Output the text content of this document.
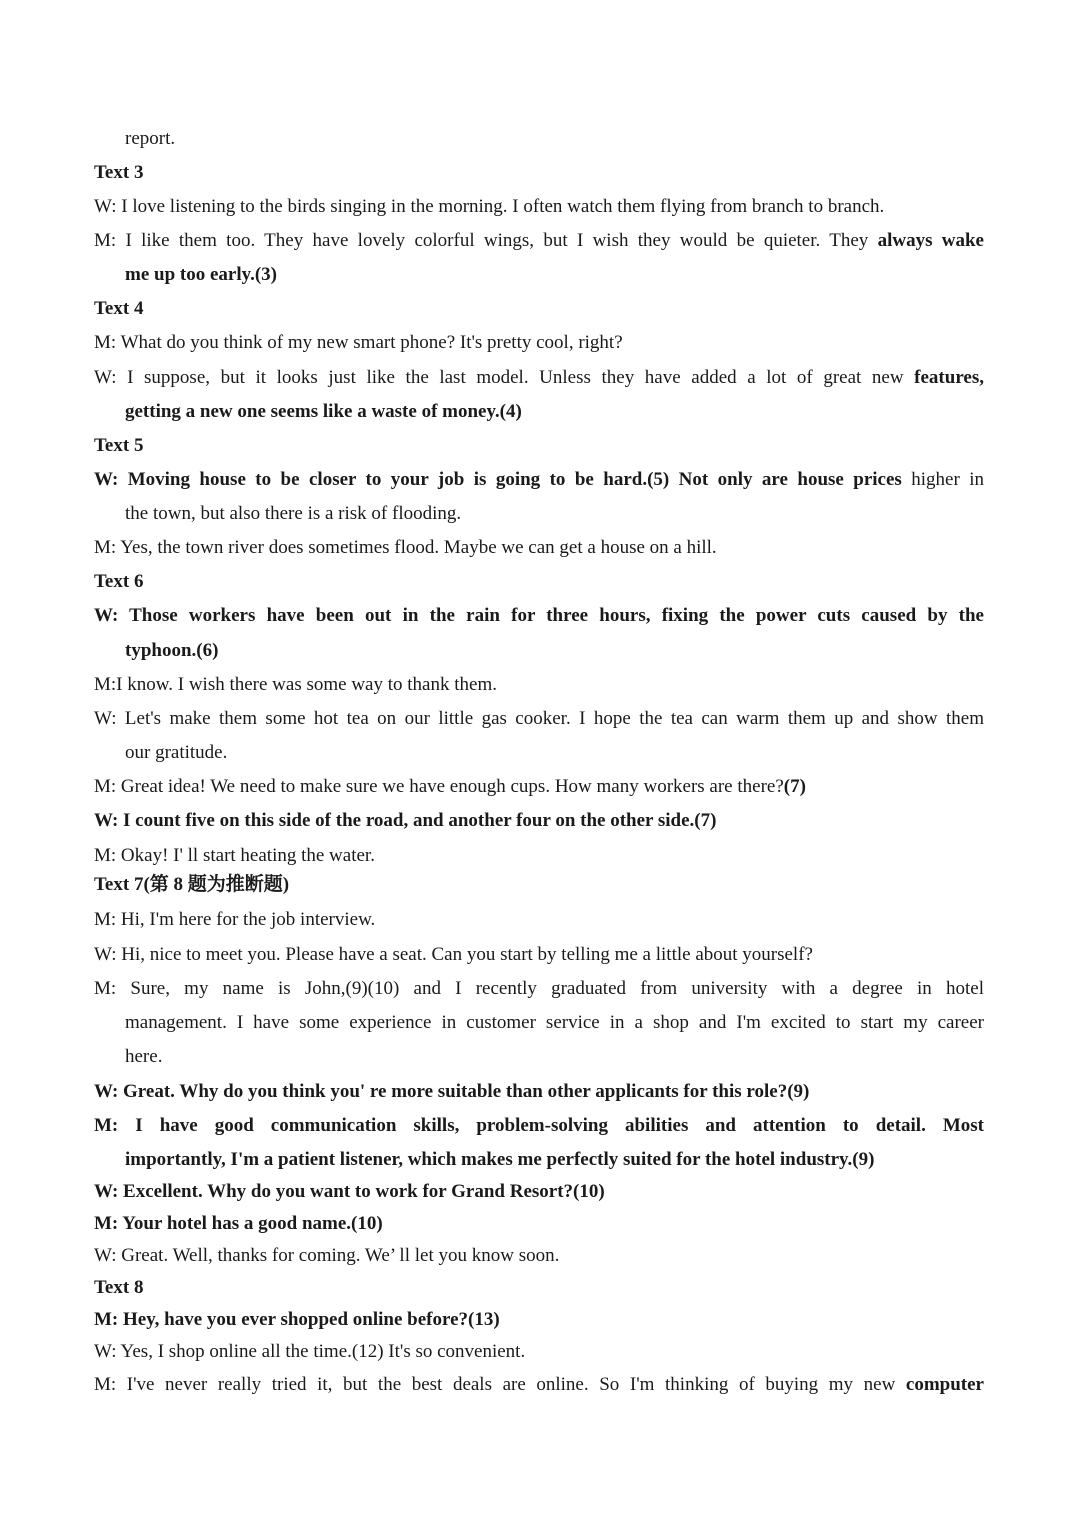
report.
Text 3
W: I love listening to the birds singing in the morning. I often watch them flying from branch to branch.
M: I like them too. They have lovely colorful wings, but I wish they would be quieter. They always wake
me up too early.(3)
Text 4
M: What do you think of my new smart phone? It's pretty cool, right?
W: I suppose, but it looks just like the last model. Unless they have added a lot of great new features,
getting a new one seems like a waste of money.(4)
Text 5
W: Moving house to be closer to your job is going to be hard.(5) Not only are house prices higher in
the town, but also there is a risk of flooding.
M: Yes, the town river does sometimes flood. Maybe we can get a house on a hill.
Text 6
W: Those workers have been out in the rain for three hours, fixing the power cuts caused by the
typhoon.(6)
M:I know. I wish there was some way to thank them.
W: Let's make them some hot tea on our little gas cooker. I hope the tea can warm them up and show them
our gratitude.
M: Great idea! We need to make sure we have enough cups. How many workers are there?(7)
W: I count five on this side of the road, and another four on the other side.(7)
M: Okay! I' ll start heating the water.
Text 7(第 8 题为推断题)
M: Hi, I'm here for the job interview.
W: Hi, nice to meet you. Please have a seat. Can you start by telling me a little about yourself?
M: Sure, my name is John,(9)(10) and I recently graduated from university with a degree in hotel
management. I have some experience in customer service in a shop and I'm excited to start my career
here.
W: Great. Why do you think you' re more suitable than other applicants for this role?(9)
M: I have good communication skills, problem-solving abilities and attention to detail. Most
importantly, I'm a patient listener, which makes me perfectly suited for the hotel industry.(9)
W: Excellent. Why do you want to work for Grand Resort?(10)
M: Your hotel has a good name.(10)
W: Great. Well, thanks for coming. We’ ll let you know soon.
Text 8
M: Hey, have you ever shopped online before?(13)
W: Yes, I shop online all the time.(12) It's so convenient.
M: I've never really tried it, but the best deals are online. So I'm thinking of buying my new computer
